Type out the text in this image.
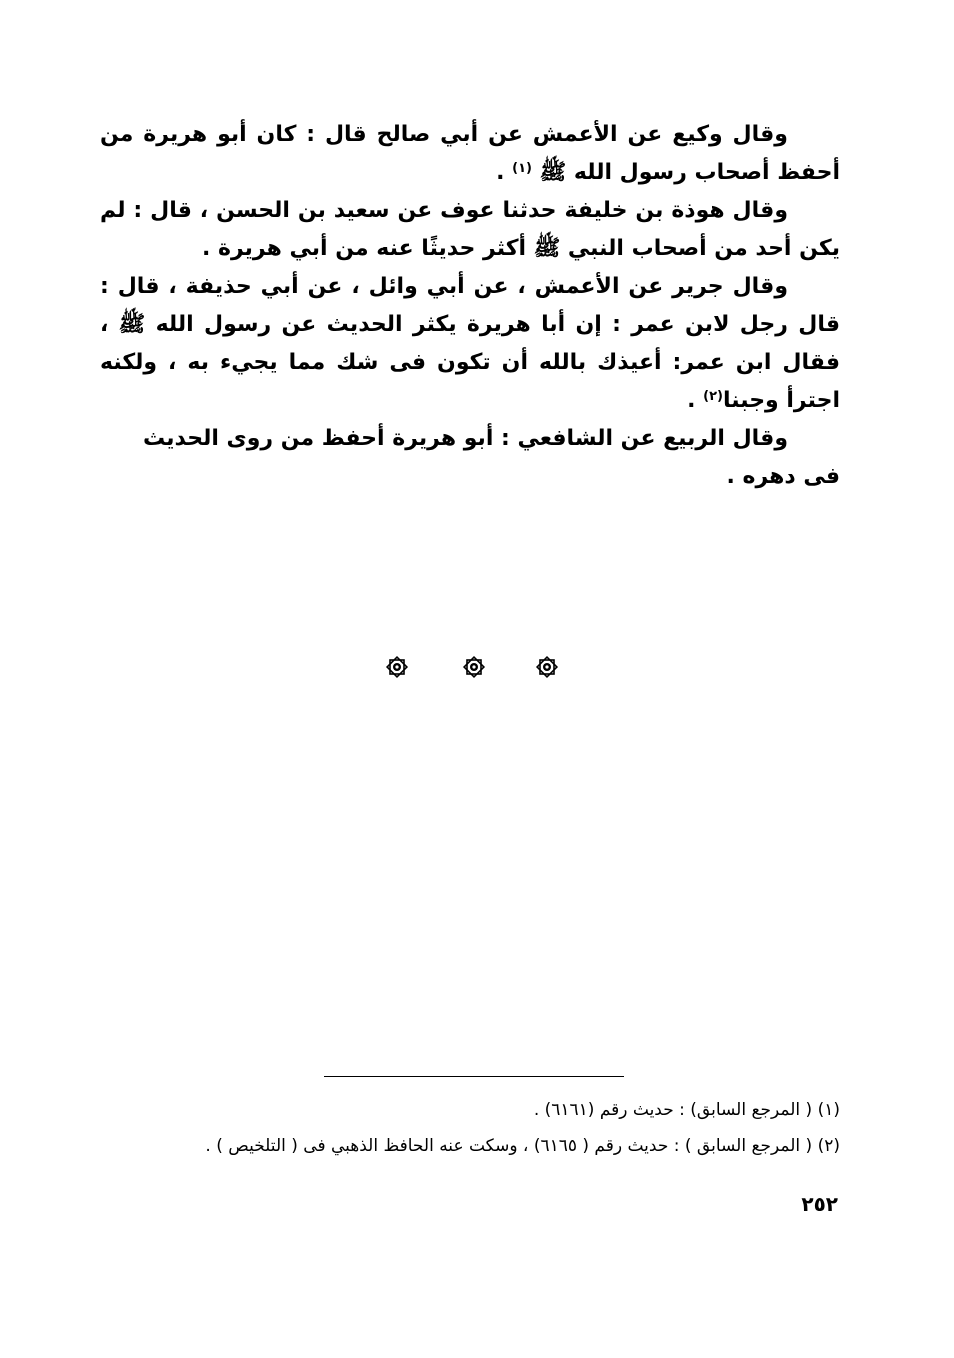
وقال وكيع عن الأعمش عن أبي صالح قال : كان أبو هريرة من أحفظ أصحاب رسول الله ﷺ $^{(١)}$ .

وقال هوذة بن خليفة حدثنا عوف عن سعيد بن الحسن ، قال : لم يكن أحد من أصحاب النبي ﷺ أكثر حديثًا عنه من أبي هريرة .

وقال جرير عن الأعمش ، عن أبي وائل ، عن أبي حذيفة ، قال : قال رجل لابن عمر : إن أبا هريرة يكثر الحديث عن رسول الله ﷺ ، فقال ابن عمر: أعيذك بالله أن تكون فى شك مما يجيء به ، ولكنه اجترأ وجبنا$^{(٢)}$ .

وقال الربيع عن الشافعي : أبو هريرة أحفظ من روى الحديث فى دهره .

(١) ( المرجع السابق) : حديث رقم (٦١٦١) .

(٢) ( المرجع السابق ) : حديث رقم ( ٦١٦٥) ، وسكت عنه الحافظ الذهبي فى ( التلخيص ) .

٢٥٢
